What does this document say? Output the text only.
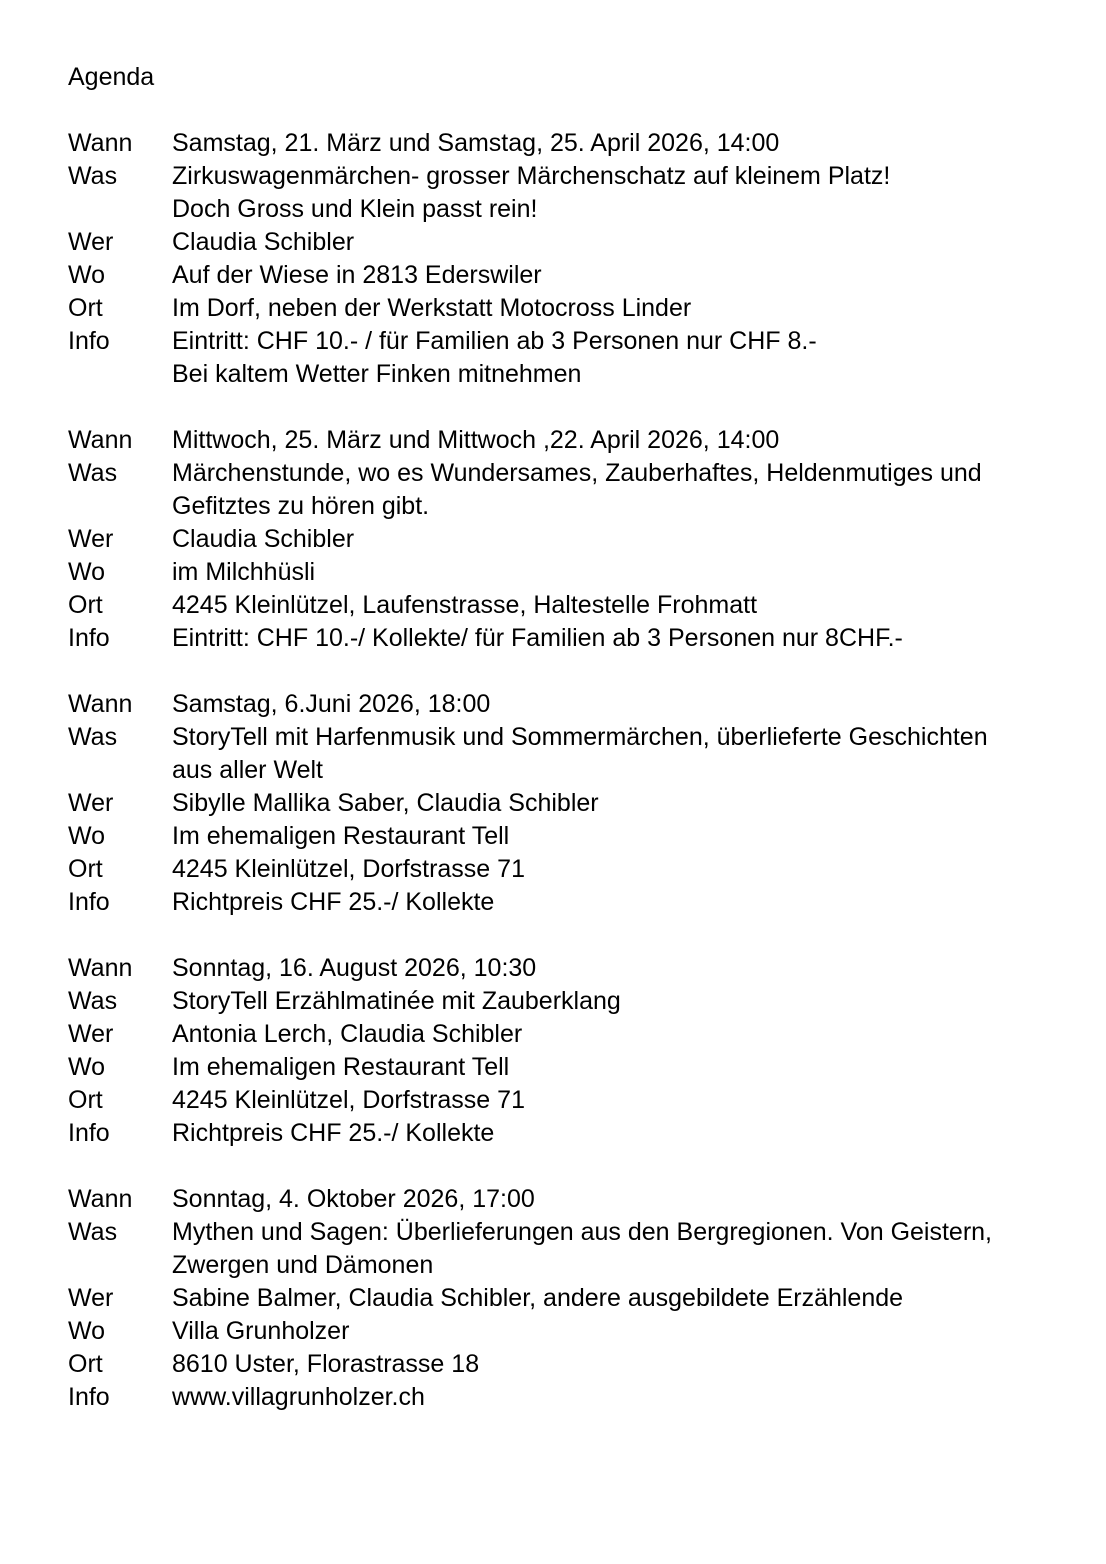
Agenda
Wann	Samstag, 21. März und Samstag, 25. April 2026, 14:00
Was	Zirkuswagenmärchen- grosser Märchenschatz auf kleinem Platz!
Doch Gross und Klein passt rein!
Wer	Claudia Schibler
Wo	Auf der Wiese in 2813 Ederswiler
Ort	Im Dorf, neben der Werkstatt Motocross Linder
Info	Eintritt: CHF 10.- / für Familien ab 3 Personen nur CHF 8.-
Bei kaltem Wetter Finken mitnehmen
Wann	Mittwoch, 25. März und Mittwoch ,22. April 2026, 14:00
Was	Märchenstunde, wo es Wundersames, Zauberhaftes, Heldenmutiges und
Gefitztes zu hören gibt.
Wer	Claudia Schibler
Wo	im Milchhüsli
Ort	4245 Kleinlützel, Laufenstrasse, Haltestelle Frohmatt
Info	Eintritt: CHF 10.-/ Kollekte/ für Familien ab 3 Personen nur 8CHF.-
Wann	Samstag, 6.Juni 2026, 18:00
Was	StoryTell mit Harfenmusik und Sommermärchen, überlieferte Geschichten
aus aller Welt
Wer	Sibylle Mallika Saber, Claudia Schibler
Wo	Im ehemaligen Restaurant Tell
Ort	4245 Kleinlützel, Dorfstrasse 71
Info	Richtpreis CHF 25.-/ Kollekte
Wann	Sonntag, 16. August 2026, 10:30
Was	StoryTell Erzählmatinée mit Zauberklang
Wer	Antonia Lerch, Claudia Schibler
Wo	Im ehemaligen Restaurant Tell
Ort	4245 Kleinlützel, Dorfstrasse 71
Info	Richtpreis CHF 25.-/ Kollekte
Wann	Sonntag, 4. Oktober 2026, 17:00
Was	Mythen und Sagen: Überlieferungen aus den Bergregionen. Von Geistern,
Zwergen und Dämonen
Wer	Sabine Balmer, Claudia Schibler, andere ausgebildete Erzählende
Wo	Villa Grunholzer
Ort	8610 Uster, Florastrasse 18
Info	www.villagrunholzer.ch
